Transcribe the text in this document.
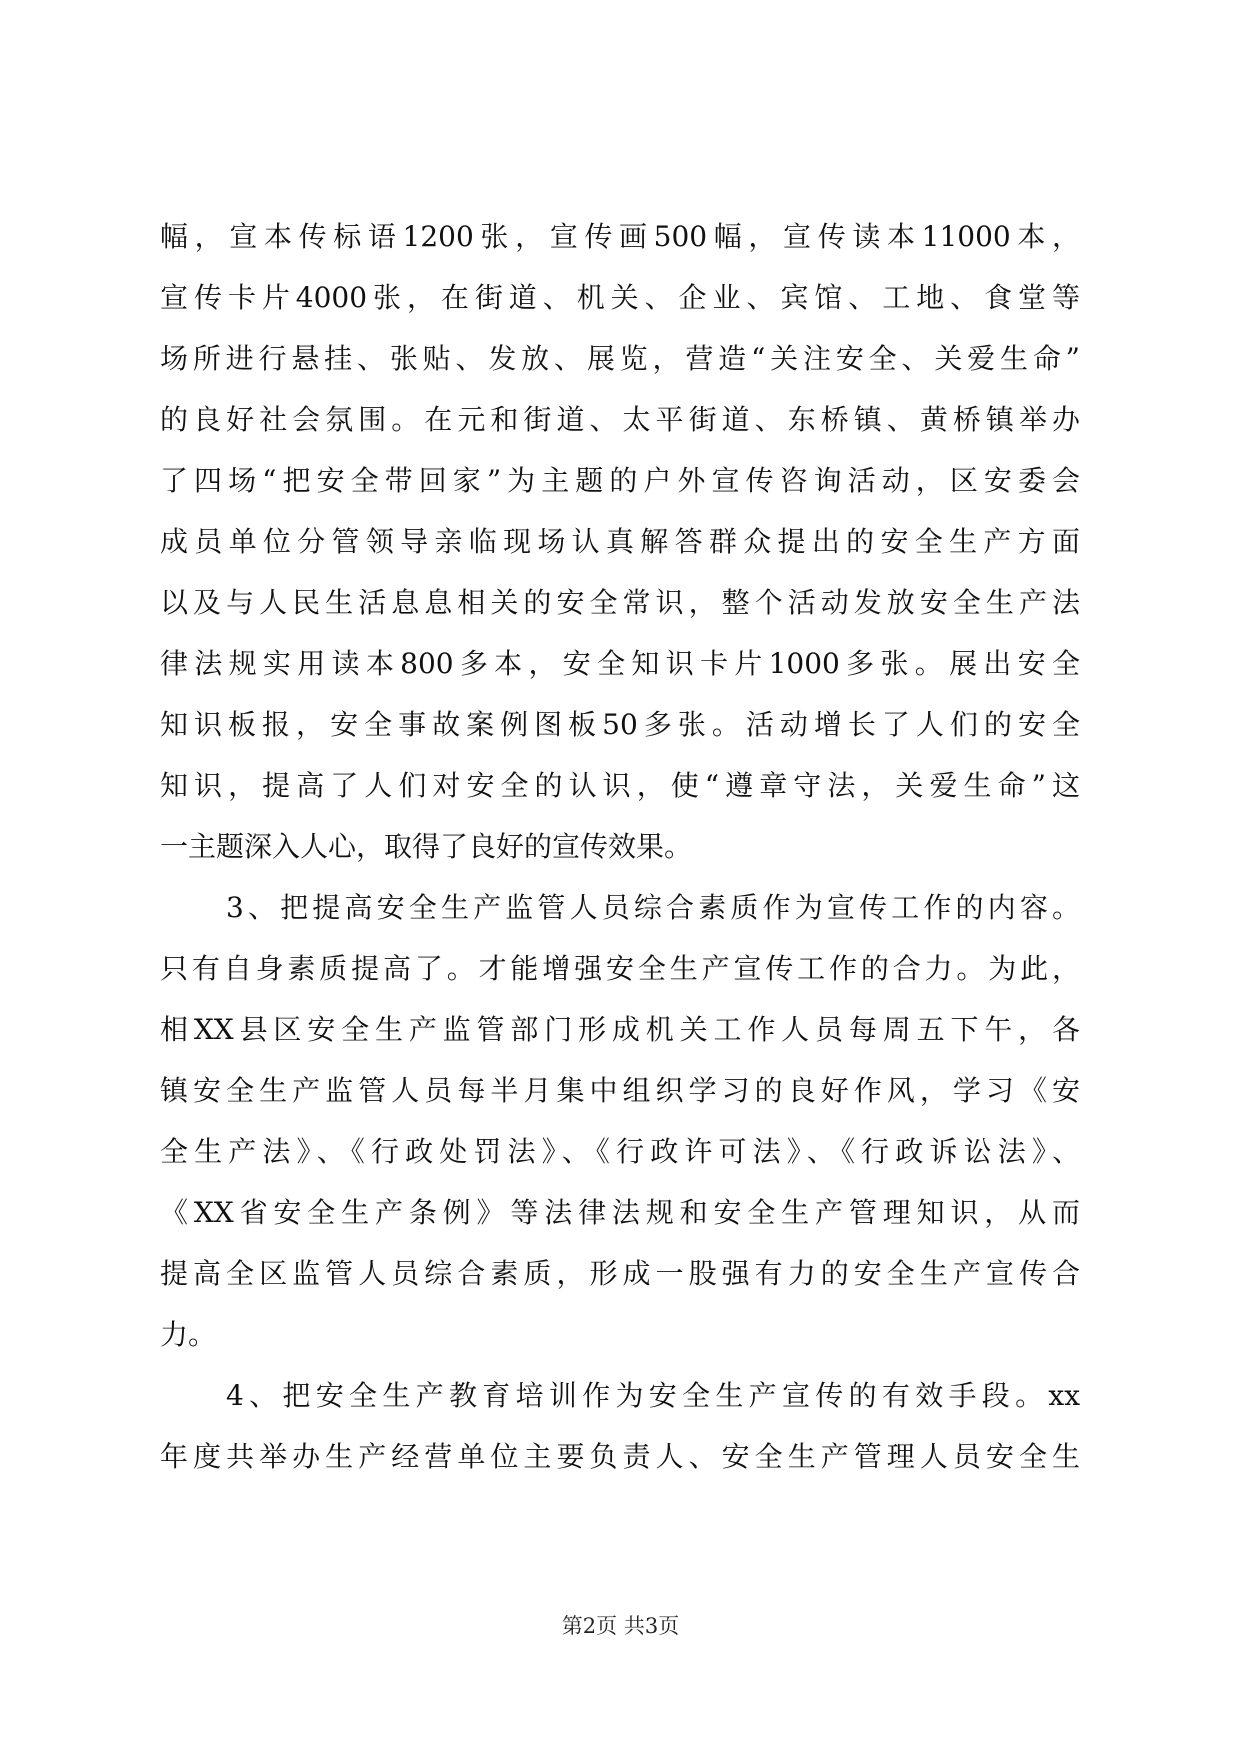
幅，宣本传标语1200张，宣传画500幅，宣传读本11000本，
宣传卡片4000张，在街道、机关、企业、宾馆、工地、食堂等
场所进行悬挂、张贴、发放、展览，营造“关注安全、关爱生命”
的良好社会氛围。在元和街道、太平街道、东桥镇、黄桥镇举办
了四场“把安全带回家”为主题的户外宣传咨询活动，区安委会
成员单位分管领导亲临现场认真解答群众提出的安全生产方面
以及与人民生活息息相关的安全常识，整个活动发放安全生产法
律法规实用读本800多本，安全知识卡片1000多张。展出安全
知识板报，安全事故案例图板50多张。活动增长了人们的安全
知识，提高了人们对安全的认识，使“遵章守法，关爱生命”这
一主题深入人心，取得了良好的宣传效果。
3、把提高安全生产监管人员综合素质作为宣传工作的内容。
只有自身素质提高了。才能增强安全生产宣传工作的合力。为此，
相XX县区安全生产监管部门形成机关工作人员每周五下午，各
镇安全生产监管人员每半月集中组织学习的良好作风，学习《安
全生产法》、《行政处罚法》、《行政许可法》、《行政诉讼法》、
《XX省安全生产条例》等法律法规和安全生产管理知识，从而
提高全区监管人员综合素质，形成一股强有力的安全生产宣传合
力。
4、把安全生产教育培训作为安全生产宣传的有效手段。xx
年度共举办生产经营单位主要负责人、安全生产管理人员安全生
第2页 共3页
